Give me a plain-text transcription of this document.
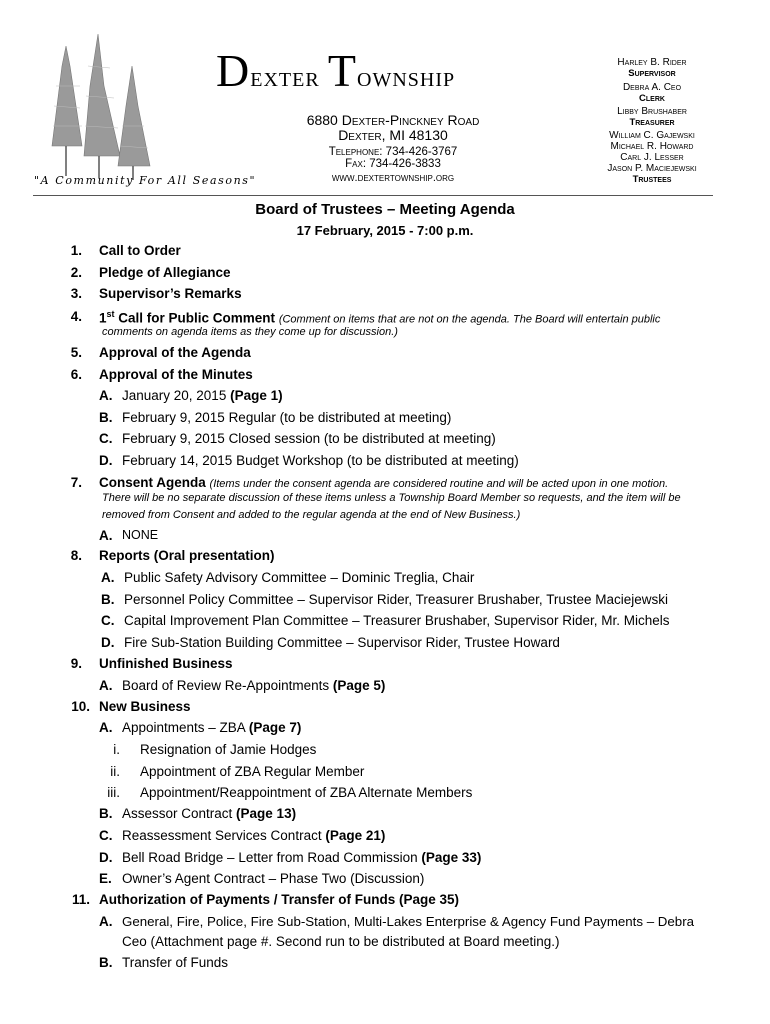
"A Community For All Seasons"
Dexter Township
6880 Dexter-Pinckney Road
Dexter, MI 48130
Telephone: 734-426-3767
Fax: 734-426-3833
www.dextertownship.org
Harley B. Rider
Supervisor
Debra A. Ceo
Clerk
Libby Brushaber
Treasurer
William C. Gajewski
Michael R. Howard
Carl J. Lesser
Jason P. Maciejewski
Trustees
Board of Trustees – Meeting Agenda
17 February, 2015 - 7:00 p.m.
1. Call to Order
2. Pledge of Allegiance
3. Supervisor’s Remarks
4. 1st Call for Public Comment (Comment on items that are not on the agenda. The Board will entertain public
comments on agenda items as they come up for discussion.)
5. Approval of the Agenda
6. Approval of the Minutes
A. January 20, 2015 (Page 1)
B. February 9, 2015 Regular (to be distributed at meeting)
C. February 9, 2015 Closed session (to be distributed at meeting)
D. February 14, 2015 Budget Workshop (to be distributed at meeting)
7. Consent Agenda (Items under the consent agenda are considered routine and will be acted upon in one motion.
There will be no separate discussion of these items unless a Township Board Member so requests, and the item will be
removed from Consent and added to the regular agenda at the end of New Business.)
A. NONE
8. Reports (Oral presentation)
A. Public Safety Advisory Committee – Dominic Treglia, Chair
B. Personnel Policy Committee – Supervisor Rider, Treasurer Brushaber, Trustee Maciejewski
C. Capital Improvement Plan Committee – Treasurer Brushaber, Supervisor Rider, Mr. Michels
D. Fire Sub-Station Building Committee – Supervisor Rider, Trustee Howard
9. Unfinished Business
A. Board of Review Re-Appointments (Page 5)
10. New Business
A. Appointments – ZBA (Page 7)
i. Resignation of Jamie Hodges
ii. Appointment of ZBA Regular Member
iii. Appointment/Reappointment of ZBA Alternate Members
B. Assessor Contract (Page 13)
C. Reassessment Services Contract (Page 21)
D. Bell Road Bridge – Letter from Road Commission (Page 33)
E. Owner’s Agent Contract – Phase Two (Discussion)
11. Authorization of Payments / Transfer of Funds (Page 35)
A. General, Fire, Police, Fire Sub-Station, Multi-Lakes Enterprise & Agency Fund Payments – Debra
Ceo (Attachment page #. Second run to be distributed at Board meeting.)
B. Transfer of Funds
